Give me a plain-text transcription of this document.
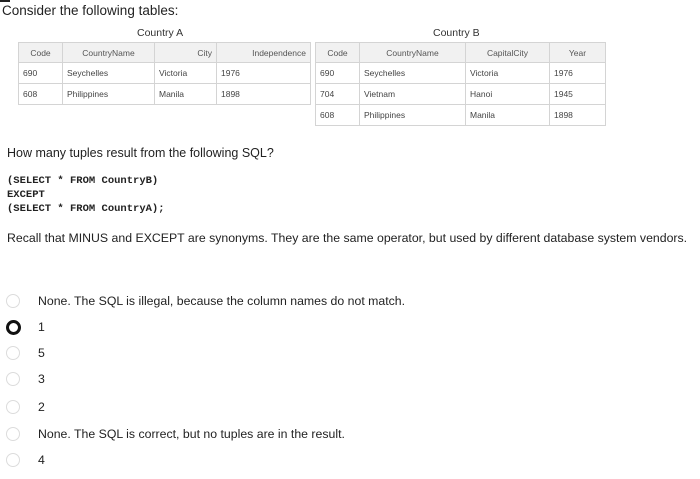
Consider the following tables:
Country A
Code	CountryName	City	Independence
690	Seychelles	Victoria	1976
608	Philippines	Manila	1898
Country B
Code	CountryName	CapitalCity	Year
690	Seychelles	Victoria	1976
704	Vietnam	Hanoi	1945
608	Philippines	Manila	1898
How many tuples result from the following SQL?
(SELECT * FROM CountryB)
EXCEPT
(SELECT * FROM CountryA);
Recall that MINUS and EXCEPT are synonyms. They are the same operator, but used by different database system vendors.
None. The SQL is illegal, because the column names do not match.
1
5
3
2
None. The SQL is correct, but no tuples are in the result.
4
